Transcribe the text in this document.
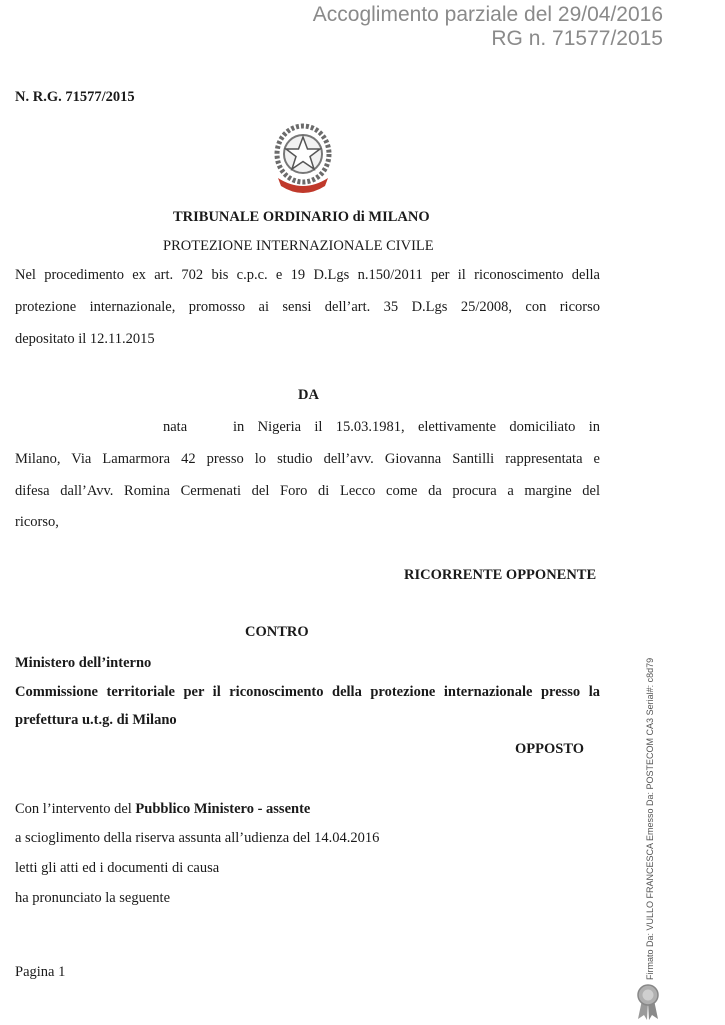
Accoglimento parziale del 29/04/2016
RG n. 71577/2015
N. R.G. 71577/2015
TRIBUNALE ORDINARIO di MILANO
PROTEZIONE INTERNAZIONALE CIVILE
Nel procedimento ex art. 702 bis c.p.c. e 19 D.Lgs n.150/2011 per il riconoscimento della
protezione internazionale, promosso ai sensi dell’art. 35 D.Lgs 25/2008, con ricorso
depositato il 12.11.2015
DA
nata	in Nigeria il 15.03.1981, elettivamente domiciliato in
Milano, Via Lamarmora 42 presso lo studio dell’avv. Giovanna Santilli rappresentata e
difesa dall’Avv. Romina Cermenati del Foro di Lecco come da procura a margine del
ricorso,
RICORRENTE OPPONENTE
CONTRO
Ministero dell’interno
Commissione territoriale per il riconoscimento della protezione internazionale presso la
prefettura u.t.g. di Milano
OPPOSTO
Con l’intervento del Pubblico Ministero - assente
a scioglimento della riserva assunta all’udienza del 14.04.2016
letti gli atti ed i documenti di causa
ha pronunciato la seguente
Pagina 1	Firmato Da: VULLO FRANCESCA Emesso Da: POSTECOM CA3 Serial#: c8d79
